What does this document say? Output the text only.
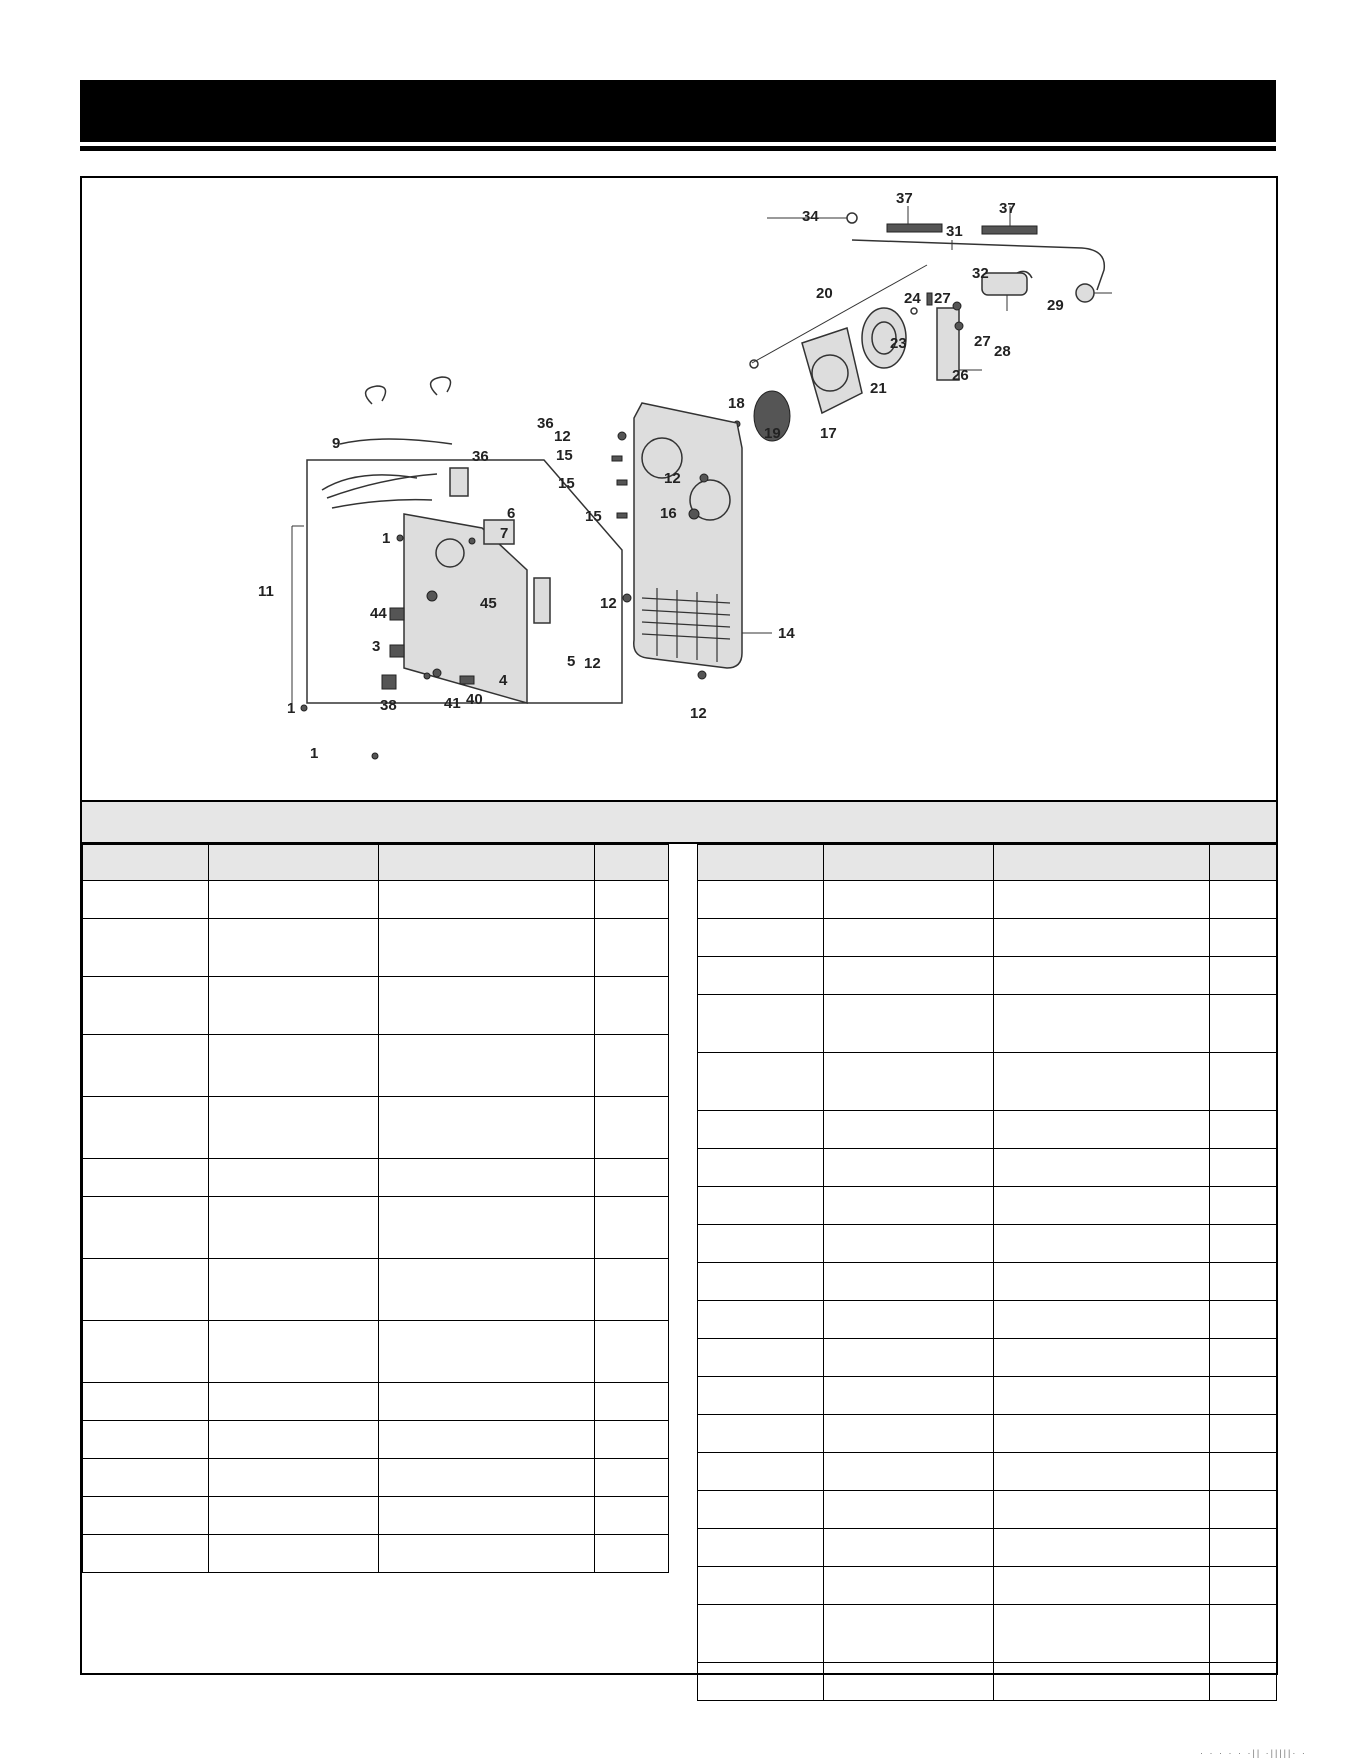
1
1
1
3
4
5
6
7
9
11
12
12
12
12
12
14
15
15
15	16
17
18
19
20
21
23
24
26
27
27
28
29
31
32
34
36
36
37
37
38	40
41
44
45

· · · · · ·|| ·|||||· ·
